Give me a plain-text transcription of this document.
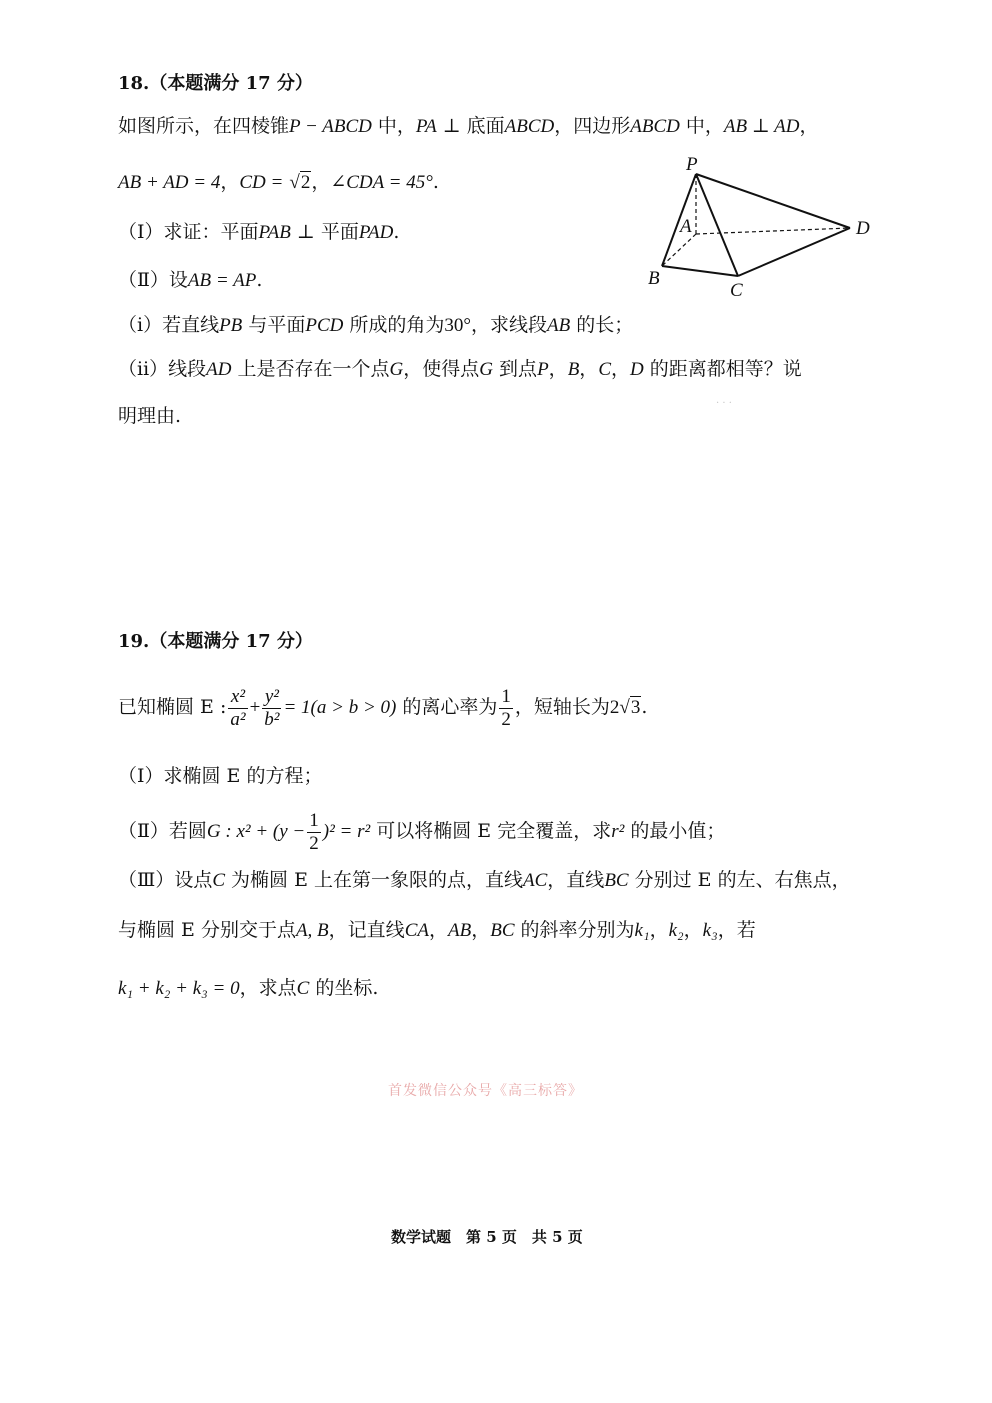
18.（本题满分 17 分）
如图所示，在四棱锥P − ABCD 中，PA ⊥ 底面ABCD，四边形ABCD 中，AB ⊥ AD，
AB + AD = 4，CD = √2，∠CDA = 45°.
（Ⅰ）求证：平面PAB ⊥ 平面PAD.
（Ⅱ）设AB = AP.
（ⅰ）若直线PB 与平面PCD 所成的角为30°，求线段AB 的长；
（ⅱ）线段AD 上是否存在一个点G，使得点G 到点P，B，C，D 的距离都相等？说
明理由.
P
A
B
C
D
· · ·
19.（本题满分 17 分）
已知椭圆 E : $\frac{\text{x²}}{\text{a²}} + \frac{\text{y²}}{\text{b²}} = 1(a > b > 0)$ 的离心率为 $\frac{1}{2}$ ，短轴长为2√3.
（Ⅰ）求椭圆 E 的方程；
（Ⅱ）若圆G : $x^2 + (y - \frac{1}{2} )^2 = r^2$ 可以将椭圆 E 完全覆盖，求r² 的最小值；
（Ⅲ）设点C 为椭圆 E 上在第一象限的点，直线AC，直线BC 分别过 E 的左、右焦点，
与椭圆 E 分别交于点A, B，记直线CA，AB，BC 的斜率分别为k₁，k₂，k₃，若
k₁ + k₂ + k₃ = 0，求点C 的坐标.
首发微信公众号《高三标答》
数学试题　第 5 页　共 5 页
